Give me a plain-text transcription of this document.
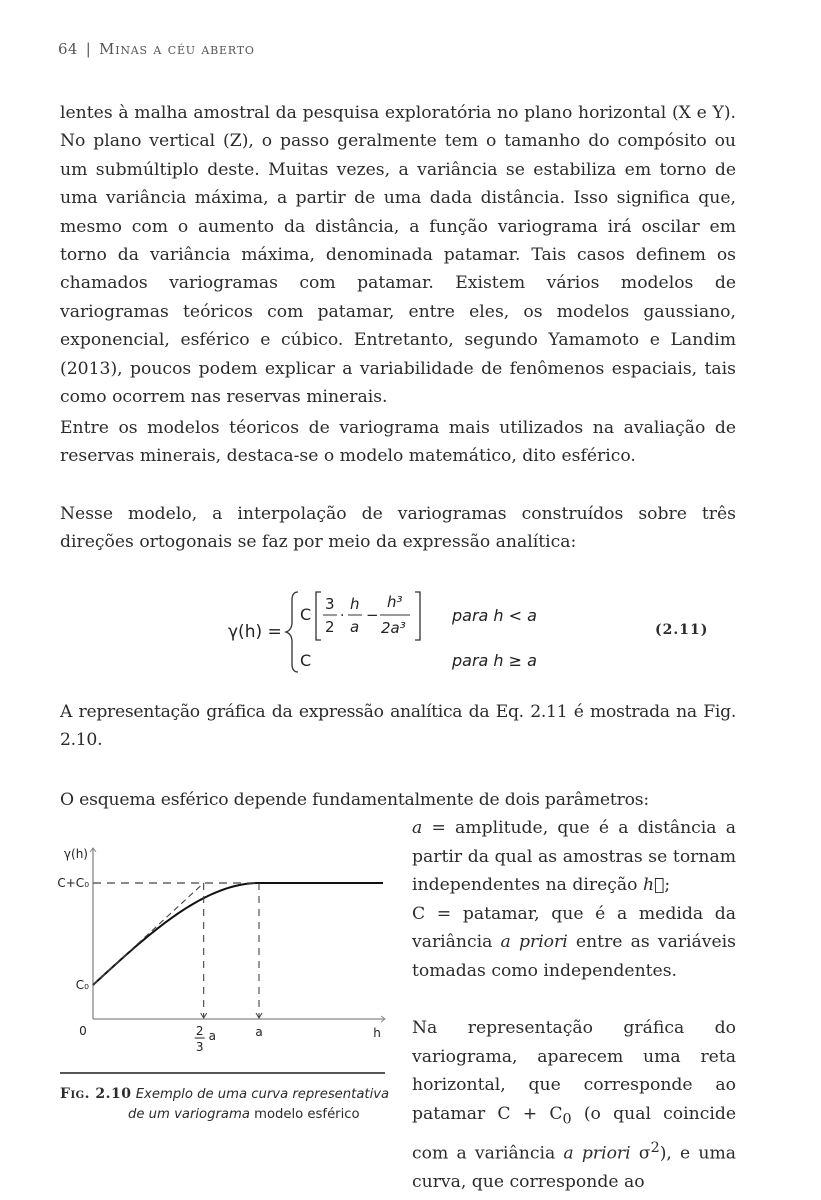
64 | Minas a céu aberto

lentes à malha amostral da pesquisa exploratória no plano horizontal (X e Y). No plano vertical (Z), o passo geralmente tem o tamanho do compósito ou um submúltiplo deste. Muitas vezes, a variância se estabiliza em torno de uma variância máxima, a partir de uma dada distância. Isso significa que, mesmo com o aumento da distância, a função variograma irá oscilar em torno da variância máxima, denominada patamar. Tais casos definem os chamados variogramas com patamar. Existem vários modelos de variogramas teóricos com patamar, entre eles, os modelos gaussiano, exponencial, esférico e cúbico. Entretanto, segundo Yamamoto e Landim (2013), poucos podem explicar a variabilidade de fenômenos espaciais, tais como ocorrem nas reservas minerais.

Entre os modelos téoricos de variograma mais utilizados na avaliação de reservas minerais, destaca-se o modelo matemático, dito esférico.

Nesse modelo, a interpolação de variogramas construídos sobre três direções ortogonais se faz por meio da expressão analítica:

γ(h) =
C
3
2
·
h
a
−
h³
2a³
para h < a
C	para h ≥ a
(2.11)

A representação gráfica da expressão analítica da Eq. 2.11 é mostrada na Fig. 2.10.

O esquema esférico depende fundamentalmente de dois parâmetros:

a = amplitude, que é a distância a partir da qual as amostras se tornam independentes na direção h⃗;
C = patamar, que é a medida da variância a priori entre as variáveis tomadas como independentes.
Na representação gráfica do variograma, aparecem uma reta horizontal, que corresponde ao patamar $C + C_0$ (o qual coincide com a variância a priori $\sigma^2$), e uma curva, que corresponde ao
C+C₀
C₀
0	2
3
a	a
γ(h)
h
Fig. 2.10 Exemplo de uma curva representativa
de um variograma modelo esférico
